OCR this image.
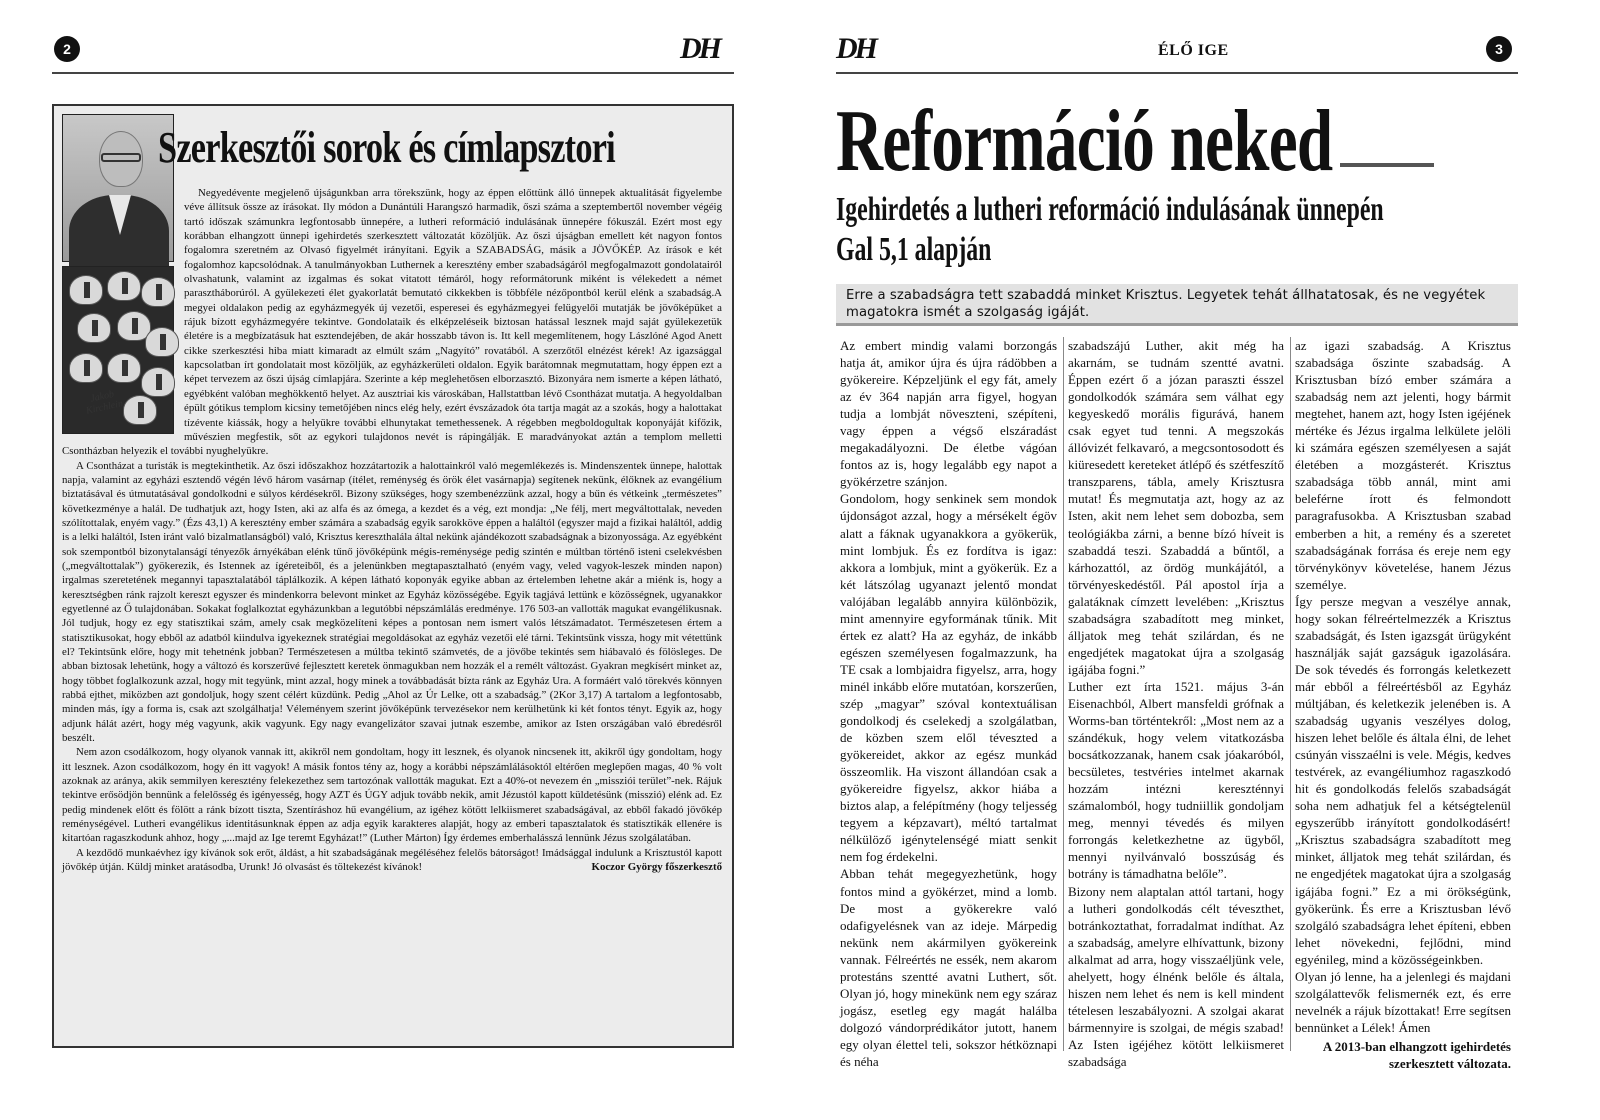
2	DH
Jakob Kirchlein
Szerkesztői sorok és címlapsztori

Negyedévente megjelenő újságunkban arra törekszünk, hogy az éppen előttünk álló ünnepek aktualitását figyelembe véve állítsuk össze az írásokat. Ily módon a Dunántúli Harangszó harmadik, őszi száma a szeptembertől november végéig tartó időszak számunkra legfontosabb ünnepére, a lutheri reformáció indulásának ünnepére fókuszál. Ezért most egy korábban elhangzott ünnepi igehirdetés szerkesztett változatát közöljük. Az őszi újságban emellett két nagyon fontos fogalomra szeretném az Olvasó figyelmét irányítani. Egyik a SZABADSÁG, másik a JÖVŐKÉP. Az írások e két fogalomhoz kapcsolódnak. A tanulmányokban Luthernek a keresztény ember szabadságáról megfogalmazott gondolatairól olvashatunk, valamint az izgalmas és sokat vitatott témáról, hogy reformátorunk miként is vélekedett a német parasztháborúról. A gyülekezeti élet gyakorlatát bemutató cikkekben is többféle nézőpontból kerül elénk a szabadság.A megyei oldalakon pedig az egyházmegyék új vezetői, esperesei és egyházmegyei felügyelői mutatják be jövőképüket a rájuk bízott egyházmegyére tekintve. Gondolataik és elképzeléseik biztosan hatással lesznek majd saját gyülekezetük életére is a megbízatásuk hat esztendejében, de akár hosszabb távon is. Itt kell megemlítenem, hogy Lászlóné Agod Anett cikke szerkesztési hiba miatt kimaradt az elmúlt szám „Nagyító” rovatából. A szerzőtől elnézést kérek! Az igazsággal kapcsolatban írt gondolatait most közöljük, az egyházkerületi oldalon. Egyik barátomnak megmutattam, hogy éppen ezt a képet tervezem az őszi újság címlapjára. Szerinte a kép meglehetősen elborzasztó. Bizonyára nem ismerte a képen látható, egyébként valóban meghökkentő helyet. Az ausztriai kis városkában, Hallstattban lévő Csontházat mutatja. A hegyoldalban épült gótikus templom kicsiny temetőjében nincs elég hely, ezért évszázadok óta tartja magát az a szokás, hogy a halottakat tízévente kiássák, hogy a helyükre további elhunytakat temethessenek. A régebben megboldogultak koponyáját kifőzik, művészien megfestik, sőt az egykori tulajdonos nevét is rápingálják. E maradványokat aztán a templom melletti Csontházban helyezik el további nyughelyükre.

A Csontházat a turisták is megtekinthetik. Az őszi időszakhoz hozzátartozik a halottainkról való megemlékezés is. Mindenszentek ünnepe, halottak napja, valamint az egyházi esztendő végén lévő három vasárnap (ítélet, reménység és örök élet vasárnapja) segítenek nekünk, élőknek az evangélium biztatásával és útmutatásával gondolkodni e súlyos kérdésekről. Bizony szükséges, hogy szembenézzünk azzal, hogy a bűn és vétkeink „természetes” következménye a halál. De tudhatjuk azt, hogy Isten, aki az alfa és az ómega, a kezdet és a vég, ezt mondja: „Ne félj, mert megváltottalak, neveden szólítottalak, enyém vagy.” (Ézs 43,1) A keresztény ember számára a szabadság egyik sarokköve éppen a haláltól (egyszer majd a fizikai haláltól, addig is a lelki haláltól, Isten iránt való bizalmatlanságból) való, Krisztus kereszthalála által nekünk ajándékozott szabadságnak a bizonyossága. Az egyébként sok szempontból bizonytalanságí tényezők árnyékában elénk tűnő jövőképünk mégis-reménysége pedig szintén e múltban történő isteni cselekvésben („megváltottalak”) gyökerezik, és Istennek az ígéreteiből, és a jelenünkben megtapasztalható (enyém vagy, veled vagyok-leszek minden napon) irgalmas szeretetének megannyi tapasztalatából táplálkozik. A képen látható koponyák egyike abban az értelemben lehetne akár a miénk is, hogy a keresztségben ránk rajzolt kereszt egyszer és mindenkorra belevont minket az Egyház közösségébe. Egyik tagjává lettünk e közösségnek, ugyanakkor egyetlenné az Ő tulajdonában. Sokakat foglalkoztat egyházunkban a legutóbbi népszámlálás eredménye. 176 503-an vallották magukat evangélikusnak. Jól tudjuk, hogy ez egy statisztikai szám, amely csak megközelíteni képes a pontosan nem ismert valós létszámadatot. Természetesen értem a statisztikusokat, hogy ebből az adatból kiindulva igyekeznek stratégiai megoldásokat az egyház vezetői elé tárni. Tekintsünk vissza, hogy mit vétettünk el? Tekintsünk előre, hogy mit tehetnénk jobban? Természetesen a múltba tekintő számvetés, de a jövőbe tekintés sem hiábavaló és fölösleges. De abban biztosak lehetünk, hogy a változó és korszerűvé fejlesztett keretek önmagukban nem hozzák el a remélt változást. Gyakran megkísért minket az, hogy többet foglalkozunk azzal, hogy mit tegyünk, mint azzal, hogy minek a továbbadását bízta ránk az Egyház Ura. A formáért való törekvés könnyen rabbá ejthet, miközben azt gondoljuk, hogy szent célért küzdünk. Pedig „Ahol az Úr Lelke, ott a szabadság.” (2Kor 3,17) A tartalom a legfontosabb, minden más, így a forma is, csak azt szolgálhatja! Véleményem szerint jövőképünk tervezésekor nem kerülhetünk ki két fontos tényt. Egyik az, hogy adjunk hálát azért, hogy még vagyunk, akik vagyunk. Egy nagy evangelizátor szavai jutnak eszembe, amikor az Isten országában való ébredésről beszélt.

Nem azon csodálkozom, hogy olyanok vannak itt, akikről nem gondoltam, hogy itt lesznek, és olyanok nincsenek itt, akikről úgy gondoltam, hogy itt lesznek. Azon csodálkozom, hogy én itt vagyok! A másik fontos tény az, hogy a korábbi népszámlálásoktól eltérően meglepően magas, 40 % volt azoknak az aránya, akik semmilyen keresztény felekezethez sem tartozónak vallották magukat. Ezt a 40%-ot nevezem én „missziói terület”-nek. Rájuk tekintve erősödjön bennünk a felelősség és igényesség, hogy AZT és ÚGY adjuk tovább nekik, amit Jézustól kapott küldetésünk (misszió) elénk ad. Ez pedig mindenek előtt és fölött a ránk bízott tiszta, Szentíráshoz hű evangélium, az igéhez kötött lelkiismeret szabadságával, az ebből fakadó jövőkép reménységével. Lutheri evangélikus identitásunknak éppen az adja egyik karakteres alapját, hogy az emberi tapasztalatok és statisztikák ellenére is kitartóan ragaszkodunk ahhoz, hogy „...majd az Ige teremt Egyházat!” (Luther Márton) Így érdemes emberhalásszá lennünk Jézus szolgálatában.

A kezdődő munkaévhez így kívánok sok erőt, áldást, a hit szabadságának megéléséhez felelős bátorságot! Imádsággal indulunk a Krisztustól kapott jövőkép útján. Küldj minket aratásodba, Urunk! Jó olvasást és töltekezést kívánok!	Koczor György főszerkesztő

DH	ÉLŐ IGE	3
Reformáció neked
Igehirdetés a lutheri reformáció indulásának ünnepén
Gal 5,1 alapján
Erre a szabadságra tett szabaddá minket Krisztus. Legyetek tehát állhatatosak, és ne vegyétek magatokra ismét a szolgaság igáját.

Az embert mindig valami borzongás hatja át, amikor újra és újra rádöbben a gyökereire. Képzeljünk el egy fát, amely az év 364 napján arra figyel, hogyan tudja a lombját növeszteni, szépíteni, vagy éppen a végső elszáradást megakadályozni. De életbe vágóan fontos az is, hogy legalább egy napot a gyökérzetre szánjon.

Gondolom, hogy senkinek sem mondok újdonságot azzal, hogy a mérsékelt égöv alatt a fáknak ugyanakkora a gyökerük, mint lombjuk. És ez fordítva is igaz: akkora a lombjuk, mint a gyökerük. Ez a két látszólag ugyanazt jelentő mondat valójában legalább annyira különbözik, mint amennyire egyformának tűnik. Mit értek ez alatt? Ha az egyház, de inkább egészen személyesen fogalmazzunk, ha TE csak a lombjaidra figyelsz, arra, hogy minél inkább előre mutatóan, korszerűen, szép „magyar” szóval kontextuálisan gondolkodj és cselekedj a szolgálatban, de közben szem elől téveszted a gyökereidet, akkor az egész munkád összeomlik. Ha viszont állandóan csak a gyökereidre figyelsz, akkor hiába a biztos alap, a felépítmény (hogy teljesség tegyem a képzavart), méltó tartalmat nélkülöző igénytelenségé miatt senkit nem fog érdekelni.

Abban tehát megegyezhetünk, hogy fontos mind a gyökérzet, mind a lomb. De most a gyökerekre való odafigyelésnek van az ideje. Márpedig nekünk nem akármilyen gyökereink vannak. Félreértés ne essék, nem akarom protestáns szentté avatni Luthert, sőt. Olyan jó, hogy minekünk nem egy száraz jogász, esetleg egy magát halálba dolgozó vándorprédikátor jutott, hanem egy olyan élettel teli, sokszor hétköznapi és néha

szabadszájú Luther, akit még ha akarnám, se tudnám szentté avatni. Éppen ezért ő a józan paraszti ésszel gondolkodók számára sem válhat egy kegyeskedő morális figurává, hanem csak egyet tud tenni. A megszokás állóvizét felkavaró, a megcsontosodott és kiüresedett kereteket átlépő és szétfeszítő transzparens, tábla, amely Krisztusra mutat! És megmutatja azt, hogy az az Isten, akit nem lehet sem dobozba, sem teológiákba zárni, a benne bízó híveit is szabaddá teszi. Szabaddá a bűntől, a kárhozattól, az ördög munkájától, a törvényeskedéstől. Pál apostol írja a galatáknak címzett levelében: „Krisztus szabadságra szabadított meg minket, álljatok meg tehát szilárdan, és ne engedjétek magatokat újra a szolgaság igájába fogni.”

Luther ezt írta 1521. május 3-án Eisenachból, Albert mansfeldi grófnak a Worms-ban történtekről: „Most nem az a szándékuk, hogy velem vitatkozásba bocsátkozzanak, hanem csak jóakaróból, becsületes, testvéries intelmet akarnak hozzám intézni kereszténnyi számalomból, hogy tudniillik gondoljam meg, mennyi tévedés és milyen forrongás keletkezhetne az ügyből, mennyi nyilvánvaló bosszúság és botrány is támadhatna belőle”.

Bizony nem alaptalan attól tartani, hogy a lutheri gondolkodás célt téveszthet, botránkoztathat, forradalmat indíthat. Az a szabadság, amelyre elhívattunk, bizony alkalmat ad arra, hogy visszaéljünk vele, ahelyett, hogy élnénk belőle és általa, hiszen nem lehet és nem is kell mindent tételesen leszabályozni. A szolgai akarat bármennyire is szolgai, de mégis szabad! Az Isten igéjéhez kötött lelkiismeret szabadsága

az igazi szabadság. A Krisztus szabadsága őszinte szabadság. A Krisztusban bízó ember számára a szabadság nem azt jelenti, hogy bármit megtehet, hanem azt, hogy Isten igéjének mértéke és Jézus irgalma lelkülete jelöli ki számára egészen személyesen a saját életében a mozgásterét. Krisztus szabadsága több annál, mint ami beleférne írott és felmondott paragrafusokba. A Krisztusban szabad emberben a hit, a remény és a szeretet szabadságának forrása és ereje nem egy törvénykönyv követelése, hanem Jézus személye.

Így persze megvan a veszélye annak, hogy sokan félreértelmezzék a Krisztus szabadságát, és Isten igazsgát ürügyként használják saját gazságuk igazolására. De sok tévedés és forrongás keletkezett már ebből a félreértésből az Egyház múltjában, és keletkezik jelenében is. A szabadság ugyanis veszélyes dolog, hiszen lehet belőle és általa élni, de lehet csúnyán visszaélni is vele. Mégis, kedves testvérek, az evangéliumhoz ragaszkodó hit és gondolkodás felelős szabadságát soha nem adhatjuk fel a kétségtelenül egyszerűbb irányított gondolkodásért! „Krisztus szabadságra szabadított meg minket, álljatok meg tehát szilárdan, és ne engedjétek magatokat újra a szolgaság igájába fogni.” Ez a mi örökségünk, gyökerünk. És erre a Krisztusban lévő szolgáló szabadságra lehet építeni, ebben lehet növekedni, fejlődni, mind egyénileg, mind a közösségeinkben.

Olyan jó lenne, ha a jelenlegi és majdani szolgálattevők felismernék ezt, és erre nevelnék a rájuk bízottakat! Erre segítsen bennünket a Lélek! Ámen

A 2013-ban elhangzott igehirdetés szerkesztett változata.
